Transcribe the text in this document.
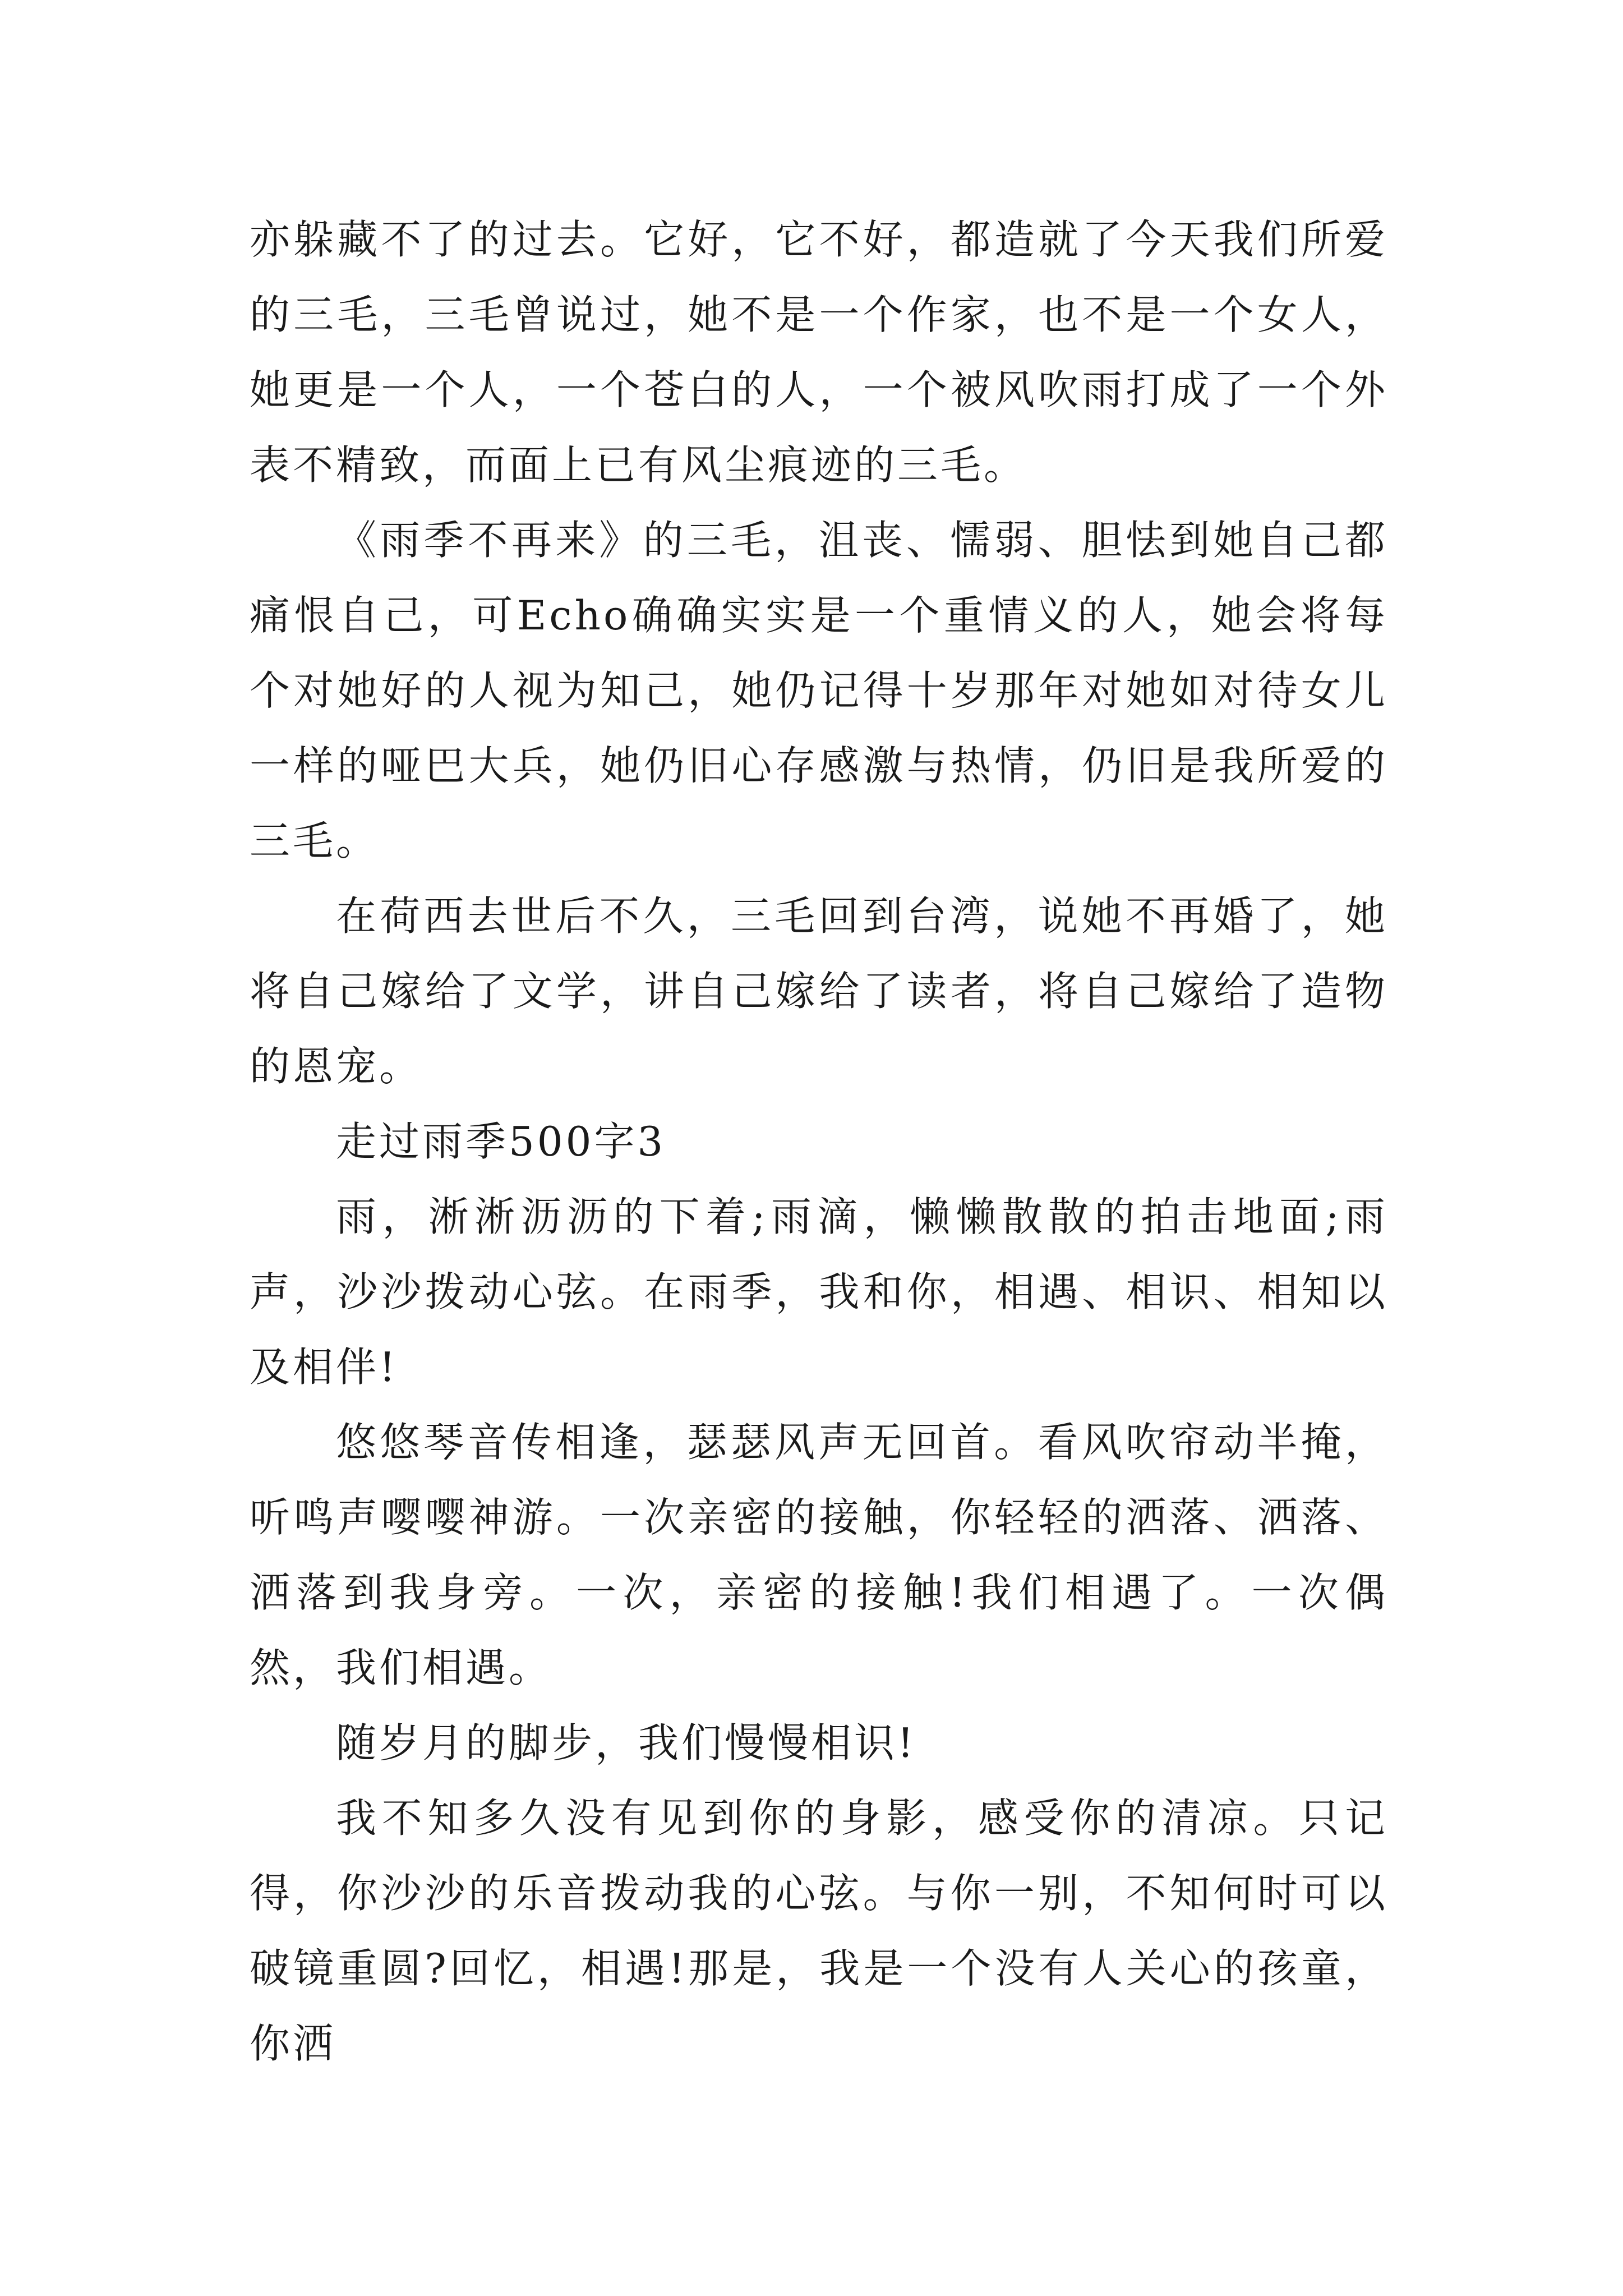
亦躲藏不了的过去。它好，它不好，都造就了今天我们所爱的三毛，三毛曾说过，她不是一个作家，也不是一个女人，她更是一个人，一个苍白的人，一个被风吹雨打成了一个外表不精致，而面上已有风尘痕迹的三毛。

《雨季不再来》的三毛，沮丧、懦弱、胆怯到她自己都痛恨自己，可Echo确确实实是一个重情义的人，她会将每个对她好的人视为知己，她仍记得十岁那年对她如对待女儿一样的哑巴大兵，她仍旧心存感激与热情，仍旧是我所爱的三毛。

在荷西去世后不久，三毛回到台湾，说她不再婚了，她将自己嫁给了文学，讲自己嫁给了读者，将自己嫁给了造物的恩宠。

走过雨季500字3

雨，淅淅沥沥的下着;雨滴，懒懒散散的拍击地面;雨声，沙沙拨动心弦。在雨季，我和你，相遇、相识、相知以及相伴!

悠悠琴音传相逢，瑟瑟风声无回首。看风吹帘动半掩，听鸣声嘤嘤神游。一次亲密的接触，你轻轻的洒落、洒落、洒落到我身旁。一次，亲密的接触!我们相遇了。一次偶然，我们相遇。

随岁月的脚步，我们慢慢相识!

我不知多久没有见到你的身影，感受你的清凉。只记得，你沙沙的乐音拨动我的心弦。与你一别，不知何时可以破镜重圆?回忆，相遇!那是，我是一个没有人关心的孩童，你洒
